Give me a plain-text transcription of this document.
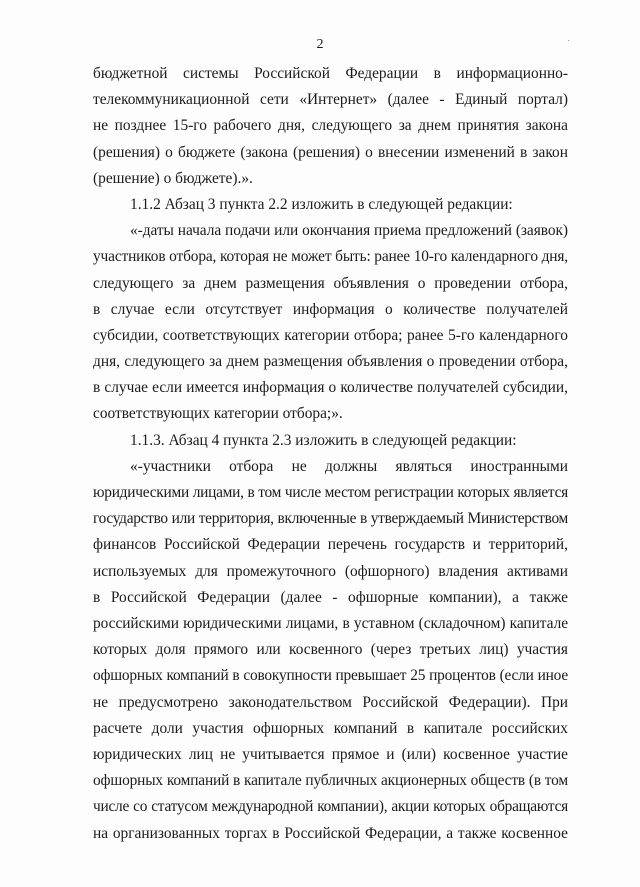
2

бюджетной системы Российской Федерации в информационно-
телекоммуникационной сети «Интернет» (далее - Единый портал)
не позднее 15-го рабочего дня, следующего за днем принятия закона
(решения) о бюджете (закона (решения) о внесении изменений в закон
(решение) о бюджете).».

1.1.2 Абзац 3 пункта 2.2 изложить в следующей редакции:

«-даты начала подачи или окончания приема предложений (заявок)
участников отбора, которая не может быть: ранее 10-го календарного дня,
следующего за днем размещения объявления о проведении отбора,
в случае если отсутствует информация о количестве получателей
субсидии, соответствующих категории отбора; ранее 5-го календарного
дня, следующего за днем размещения объявления о проведении отбора,
в случае если имеется информация о количестве получателей субсидии,
соответствующих категории отбора;».

1.1.3. Абзац 4 пункта 2.3 изложить в следующей редакции:

«-участники отбора не должны являться иностранными
юридическими лицами, в том числе местом регистрации которых является
государство или территория, включенные в утверждаемый Министерством
финансов Российской Федерации перечень государств и территорий,
используемых для промежуточного (офшорного) владения активами
в Российской Федерации (далее - офшорные компании), а также
российскими юридическими лицами, в уставном (складочном) капитале
которых доля прямого или косвенного (через третьих лиц) участия
офшорных компаний в совокупности превышает 25 процентов (если иное
не предусмотрено законодательством Российской Федерации). При
расчете доли участия офшорных компаний в капитале российских
юридических лиц не учитывается прямое и (или) косвенное участие
офшорных компаний в капитале публичных акционерных обществ (в том
числе со статусом международной компании), акции которых обращаются
на организованных торгах в Российской Федерации, а также косвенное
